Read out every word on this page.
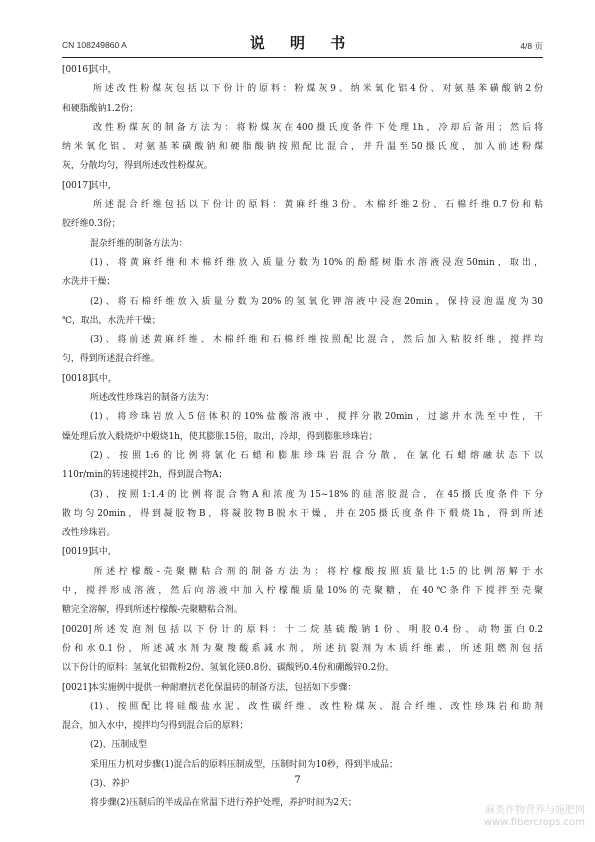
CN 108249860 A	说 明 书	4/8 页
[0016]其中，
所述改性粉煤灰包括以下份计的原料：粉煤灰9、纳米氧化铝4份、对氨基苯磺酸钠2份
和硬脂酸钠1.2份；
改性粉煤灰的制备方法为：将粉煤灰在400摄氏度条件下处理1h，冷却后备用；然后将
纳米氧化铝、对氨基苯磺酸钠和硬脂酸钠按照配比混合，并升温至50摄氏度，加入前述粉煤
灰，分散均匀，得到所述改性粉煤灰。
[0017]其中，
所述混合纤维包括以下份计的原料：黄麻纤维3份、木棉纤维2份、石棉纤维0.7份和粘
胶纤维0.3份；
混杂纤维的制备方法为：
(1)、将黄麻纤维和木棉纤维放入质量分数为10%的酚醛树脂水溶液浸泡50min，取出，
水洗并干燥；
(2)、将石棉纤维放入质量分数为20%的氢氧化钾溶液中浸泡20min，保持浸泡温度为30
℃，取出，水洗并干燥；
(3)、将前述黄麻纤维、木棉纤维和石棉纤维按照配比混合，然后加入粘胶纤维，搅拌均
匀，得到所述混合纤维。
[0018]其中，
所述改性珍珠岩的制备方法为：
(1)、将珍珠岩放入5倍体积的10%盐酸溶液中，搅拌分散20min，过滤并水洗至中性，干
燥处理后放入煅烧炉中煅烧1h，使其膨胀15倍，取出，冷却，得到膨胀珍珠岩；
(2)、按照1:6的比例将氯化石蜡和膨胀珍珠岩混合分散，在氯化石蜡熔融状态下以
110r/min的转速搅拌2h，得到混合物A；
(3)、按照1:1.4的比例将混合物A和浓度为15~18%的硅溶胶混合，在45摄氏度条件下分
散均匀20min，得到凝胶物B，将凝胶物B脱水干燥，并在205摄氏度条件下煅烧1h，得到所述
改性珍珠岩。
[0019]其中，
所述柠檬酸-壳聚糖粘合剂的制备方法为：将柠檬酸按照质量比1:5的比例溶解于水
中，搅拌形成溶液，然后向溶液中加入柠檬酸质量10%的壳聚糖，在40℃条件下搅拌至壳聚
糖完全溶解，得到所述柠檬酸-壳聚糖粘合剂。
[0020]所述发泡剂包括以下份计的原料：十二烷基硫酸钠1份、明胶0.4份、动物蛋白0.2
份和水0.1份，所述减水剂为聚羧酸系减水剂，所述抗裂剂为木质纤维素，所述阻燃剂包括
以下份计的原料：氢氧化铝微粉2份、氢氧化镁0.8份、碳酸钙0.4份和硼酸锌0.2份。
[0021]本实施例中提供一种耐磨抗老化保温砖的制备方法，包括如下步骤：
(1)、按照配比将硅酸盐水泥、改性碳纤维、改性粉煤灰、混合纤维、改性珍珠岩和助剂
混合，加入水中，搅拌均匀得到混合后的原料；
(2)、压制成型
采用压力机对步骤(1)混合后的原料压制成型，压制时间为10秒，得到半成品；
(3)、养护
将步骤(2)压制后的半成品在常温下进行养护处理，养护时间为2天；
7
麻类作物营养与施肥网
www.fibercrops.com
